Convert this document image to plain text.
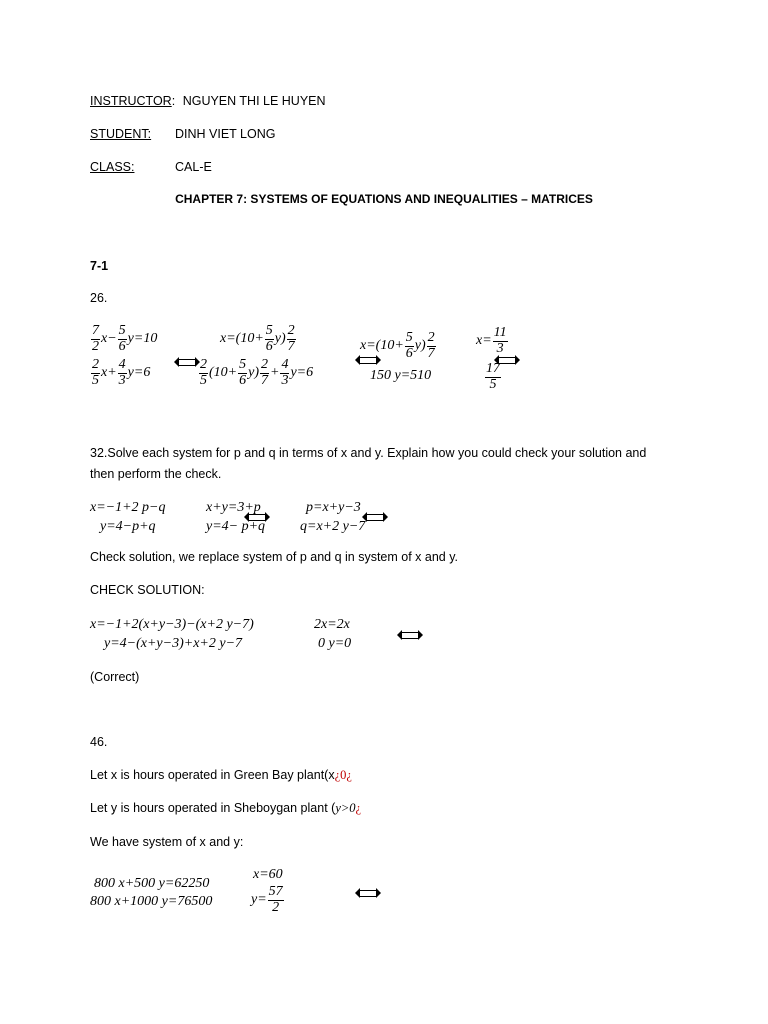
INSTRUCTOR: NGUYEN THI LE HUYEN
STUDENT: DINH VIET LONG
CLASS:	CAL-E
CHAPTER 7: SYSTEMS OF EQUATIONS AND INEQUALITIES – MATRICES
7-1
26.
$\frac{7}{2} x- \frac{5}{6} y=10$
$\frac{2}{5} x+ \frac{4}{3} y=6$

$x=(10+ \frac{5}{6} y) \frac{2}{7}$
$\frac{2}{5} (10+ \frac{5}{6} y) \frac{2}{7} + \frac{4}{3} y=6$

$x=(10+ \frac{5}{6} y) \frac{2}{7}$
150 y=510

$x= \frac{11}{3}$
$\frac{17}{5}$
32.Solve each system for p and q in terms of x and y. Explain how you could check your solution and
then perform the check.
x=−1+2 p−q
y=4−p+q

x+y=3+p
y=4− p+q

p=x+y−3
q=x+2 y−7
Check solution, we replace system of p and q in system of x and y.
CHECK SOLUTION:
x=−1+2(x+y−3)−(x+2 y−7)
y=4−(x+y−3)+x+2 y−7

2x=2x
0 y=0
(Correct)
46.
Let x is hours operated in Green Bay plant(x¿0¿
Let y is hours operated in Sheboygan plant (y>0¿
We have system of x and y:
800 x+500 y=62250
800 x+1000 y=76500
x=60
$y= \frac{57}{2}$
